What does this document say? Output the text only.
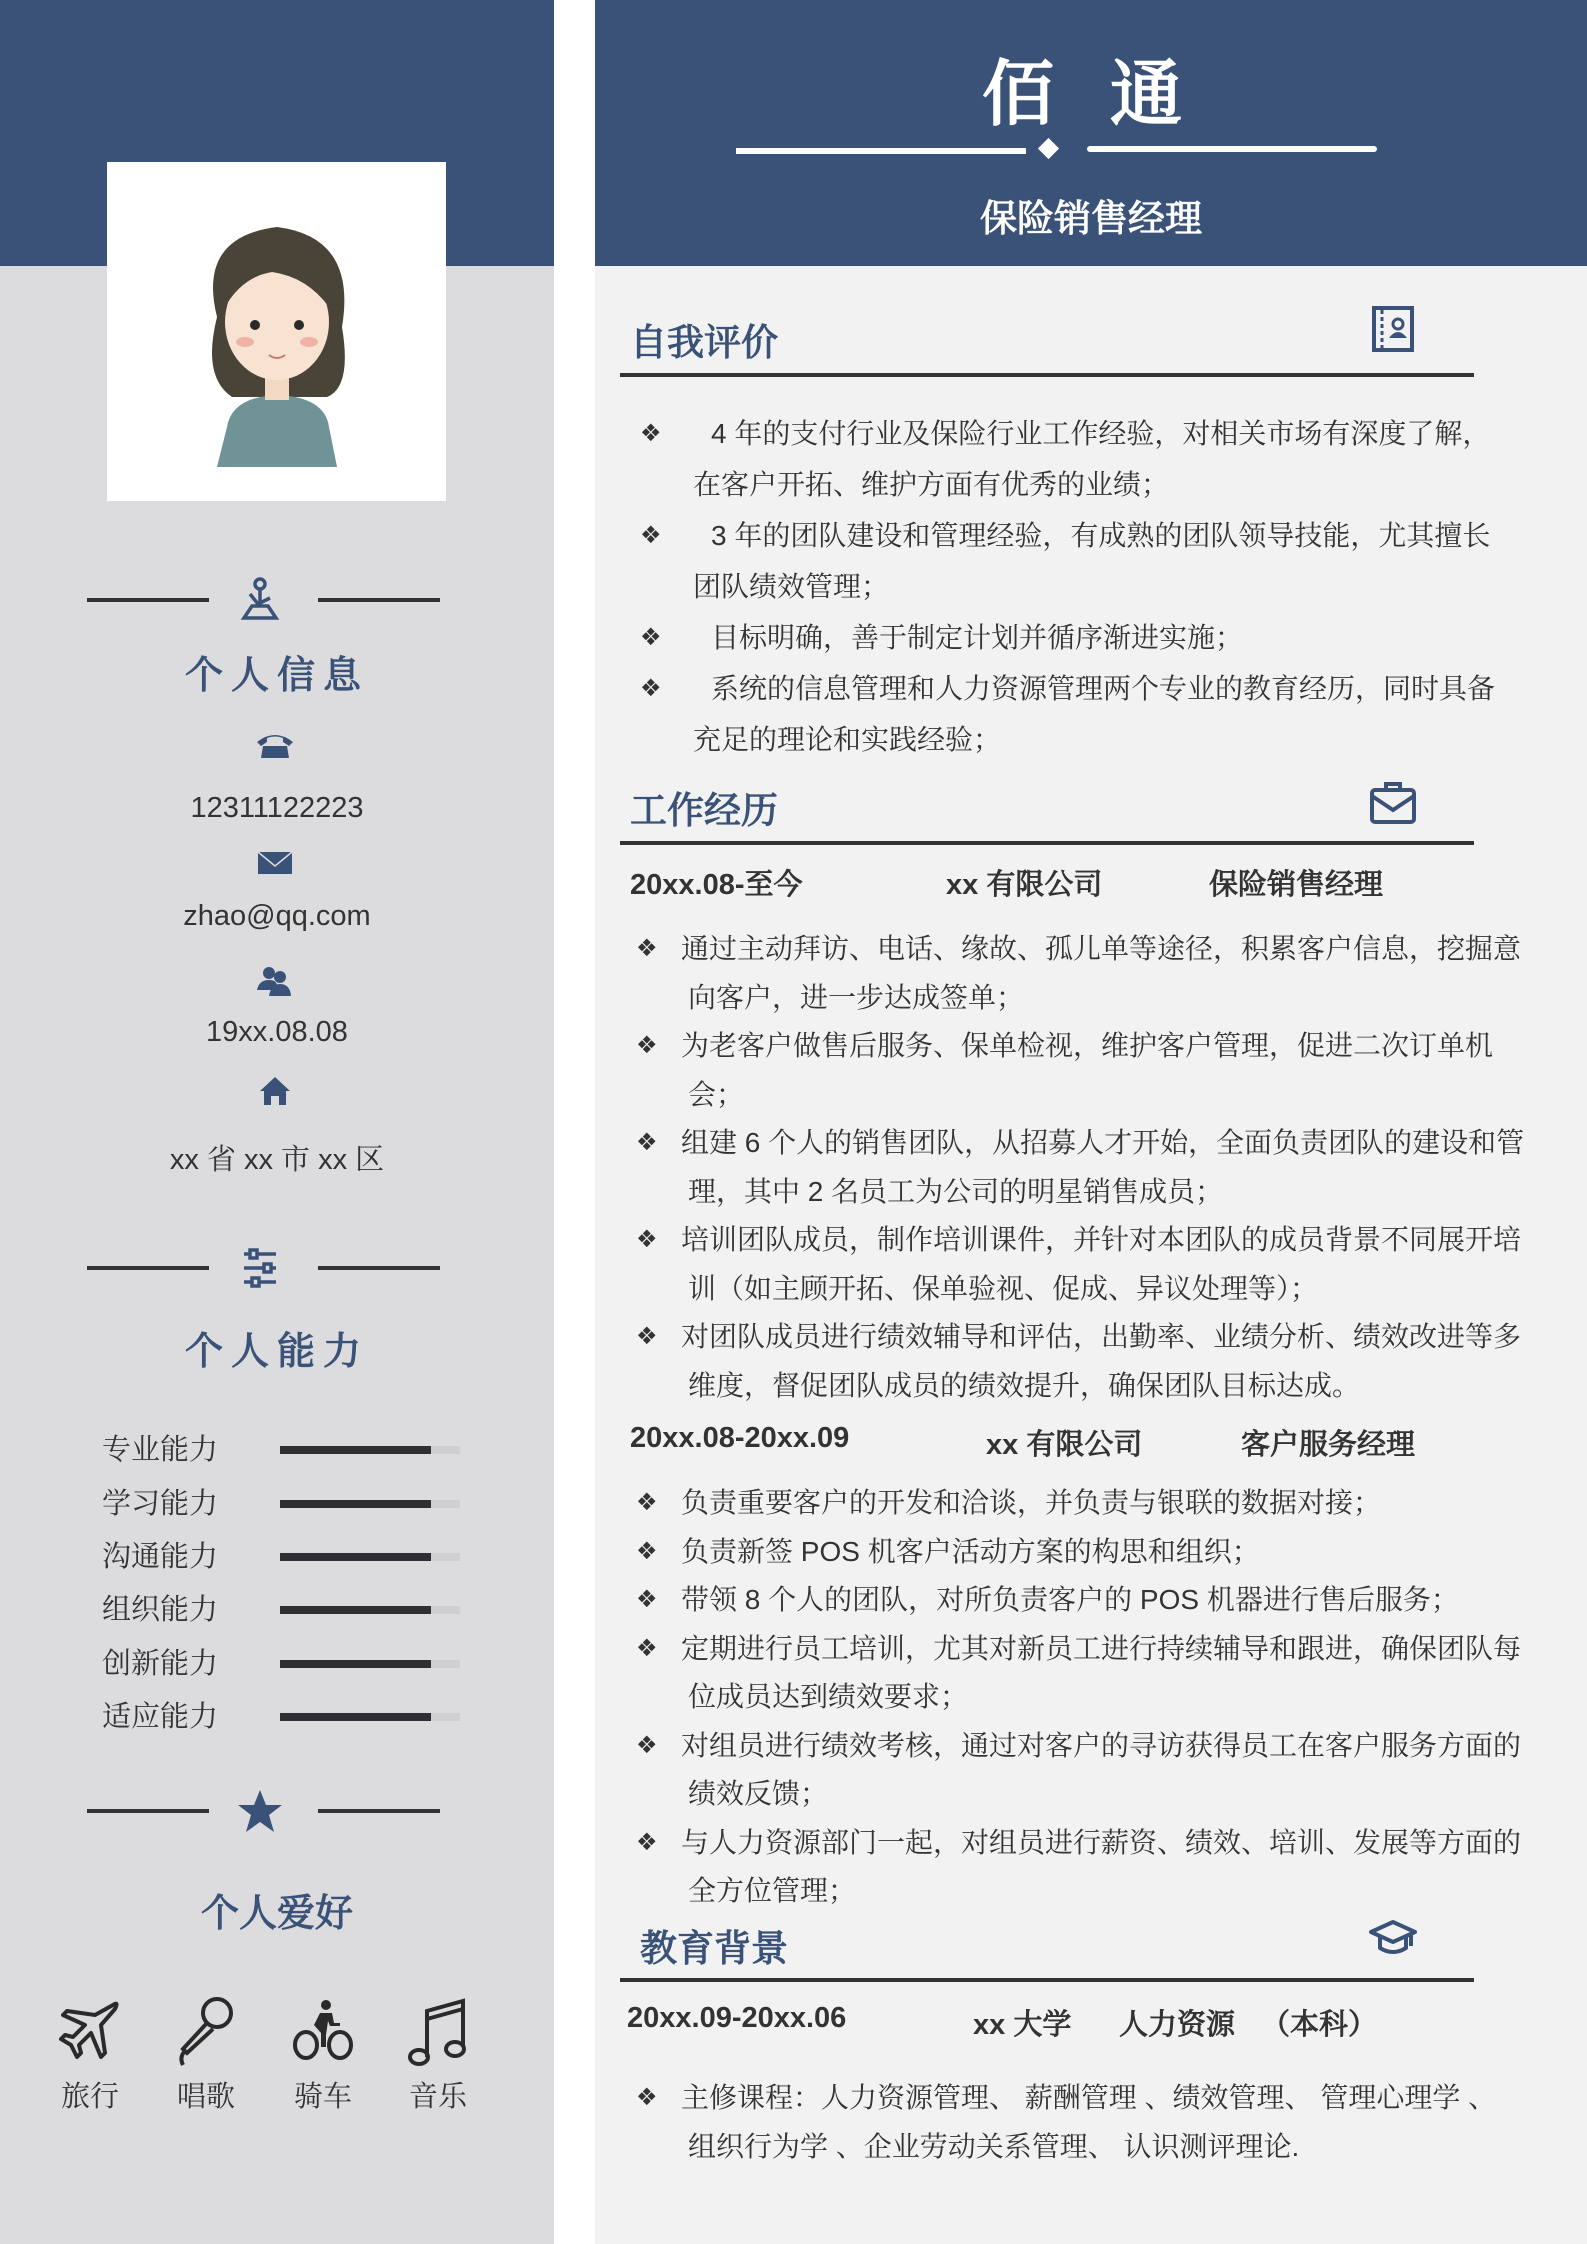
个人信息
12311122223
zhao@qq.com
19xx.08.08
xx 省 xx 市 xx 区
个人能力
专业能力
学习能力
沟通能力
组织能力
创新能力
适应能力
个人爱好
旅行	唱歌	骑车	音乐
佰 通
保险销售经理
自我评价
❖	4 年的支付行业及保险行业工作经验，对相关市场有深度了解，在客户开拓、维护方面有优秀的业绩；
❖	3 年的团队建设和管理经验，有成熟的团队领导技能，尤其擅长团队绩效管理；
❖	目标明确，善于制定计划并循序渐进实施；
❖	系统的信息管理和人力资源管理两个专业的教育经历，同时具备充足的理论和实践经验；
工作经历
20xx.08-至今	xx 有限公司	保险销售经理
❖ 通过主动拜访、电话、缘故、孤儿单等途径，积累客户信息，挖掘意向客户，进一步达成签单；
❖ 为老客户做售后服务、保单检视，维护客户管理，促进二次订单机会；
❖ 组建 6 个人的销售团队，从招募人才开始，全面负责团队的建设和管理，其中 2 名员工为公司的明星销售成员；
❖ 培训团队成员，制作培训课件，并针对本团队的成员背景不同展开培训（如主顾开拓、保单验视、促成、异议处理等）；
❖ 对团队成员进行绩效辅导和评估，出勤率、业绩分析、绩效改进等多维度，督促团队成员的绩效提升，确保团队目标达成。
20xx.08-20xx.09	xx 有限公司	客户服务经理
❖ 负责重要客户的开发和洽谈，并负责与银联的数据对接；
❖ 负责新签 POS 机客户活动方案的构思和组织；
❖ 带领 8 个人的团队，对所负责客户的 POS 机器进行售后服务；
❖ 定期进行员工培训，尤其对新员工进行持续辅导和跟进，确保团队每位成员达到绩效要求；
❖ 对组员进行绩效考核，通过对客户的寻访获得员工在客户服务方面的绩效反馈；
❖ 与人力资源部门一起，对组员进行薪资、绩效、培训、发展等方面的全方位管理；
教育背景
20xx.09-20xx.06	xx 大学 人力资源 （本科）
❖ 主修课程：人力资源管理、 薪酬管理 、绩效管理、 管理心理学 、组织行为学 、企业劳动关系管理、 认识测评理论.
